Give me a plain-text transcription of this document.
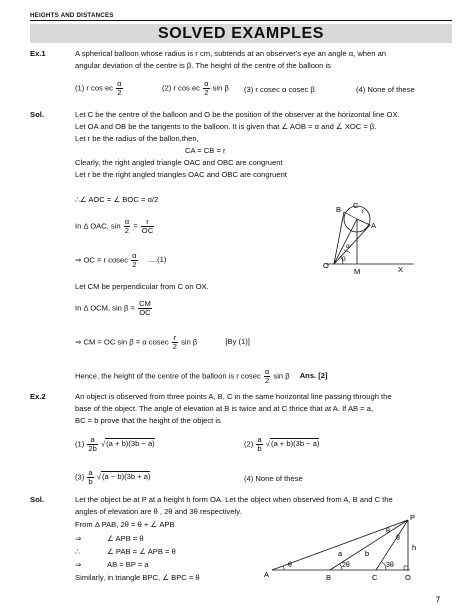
HEIGHTS AND DISTANCES
SOLVED EXAMPLES
Ex.1	A spherical balloon whose radius is r cm, subtends at an observer's eye an angle α, when an
angular deviation of the centre is β. The height of the centre of the balloon is
(1) r cos ec $\frac{\alpha}{2}$	(2) r cos ec $\frac{\alpha}{2}$ sin β (3) r cosec α cosec β	(4) None of these
Sol.	Let C be the centre of the balloon and O be the position of the observer at the horizontal line OX.
Let OA and OB be the tangents to the balloon. It is given that ∠ AOB = α and ∠ XOC = β.
Let r be the radius of the ballon,then,
CA = CB = r
Clearly, the right angled triangle OAC and OBC are congruent
Let r be the right angled triangles OAC and OBC are congruent
∴∠ AOC = ∠ BOC = α/2
In Δ OAC, $\sin \frac{\alpha}{2} = \frac{r}{OC}$
⇒ OC = r cosec $\frac{\alpha}{2} ....(1)$
Let CM be perpendicular from C on OX.
In Δ OCM, $\sin \beta = \frac{CM}{OC}$
⇒ CM = OC sin β = α cosec $\frac{r}{2}$ sin β	[By (1)]
Hence, the height of the centre of the balloon is r cosec $\frac{\alpha}{2}$ sin β Ans. [2]
B C
r
A
α
β
O
M	X
Ex.2	An object is observed from three points A, B, C in the same horizontal line passing through the
base of the object. The angle of elevation at B is twice and at C thrice that at A. If AB = a,
BC = b prove that the height of the object is
$(1) \frac{a}{2b} √(a + b)(3b - a)$	$(2) \frac{a}{b} √(a + b)(3b - a)$
$(3) \frac{a}{b} √(a - b)(3b + a)$	(4) None of these
Sol.	Let the object be at P at a height h form OA. Let the object when observed from A, B and C the
angles of elevation are θ , 2θ and 3θ respectively.
From Δ PAB, 2θ = θ + ∠ APB
⇒	∠ APB = θ
∴	∠ PAB = ∠ APB = θ
⇒	AB = BP = a
Similarly, in triangle BPC, ∠ BPC = θ
P
θ
θ
h
a	b
A
θ
B
2θ
C
3θ
O
7
